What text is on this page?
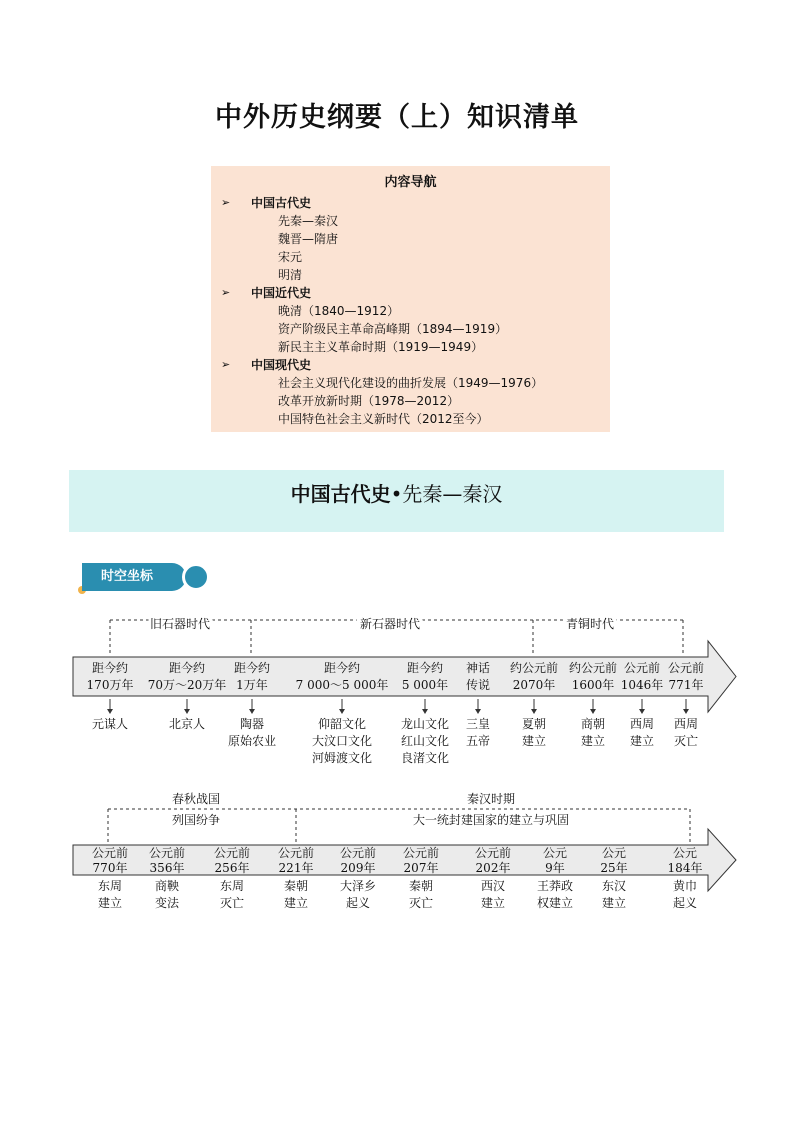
中外历史纲要（上）知识清单
内容导航
➢ 中国古代史
先秦—秦汉
魏晋—隋唐
宋元
明清
➢ 中国近代史
晚清（1840—1912）
资产阶级民主革命高峰期（1894—1919）
新民主主义革命时期（1919—1949）
➢ 中国现代史
社会主义现代化建设的曲折发展（1949—1976）
改革开放新时期（1978—2012）
中国特色社会主义新时代（2012至今）
中国古代史•先秦—秦汉
时空坐标
旧石器时代	新石器时代	青铜时代
距今约
170万年
元谋人
距今约
70万～20万年
北京人
距今约
1万年
陶器
原始农业
距今约
7 000～5 000年
仰韶文化
大汶口文化
河姆渡文化
距今约
5 000年
龙山文化
红山文化
良渚文化
神话
传说
三皇
五帝
约公元前
2070年
夏朝
建立
约公元前
1600年
商朝
建立
公元前
1046年
西周
建立
公元前
771年
西周
灭亡
春秋战国
列国纷争
秦汉时期
大一统封建国家的建立与巩固
公元前
770年
东周
建立
公元前
356年
商鞅
变法
公元前
256年
东周
灭亡
公元前
221年
秦朝
建立
公元前
209年
大泽乡
起义
公元前
207年
秦朝
灭亡
公元前
202年
西汉
建立
公元
9年
王莽政
权建立
公元
25年
东汉
建立
公元
184年
黄巾
起义
